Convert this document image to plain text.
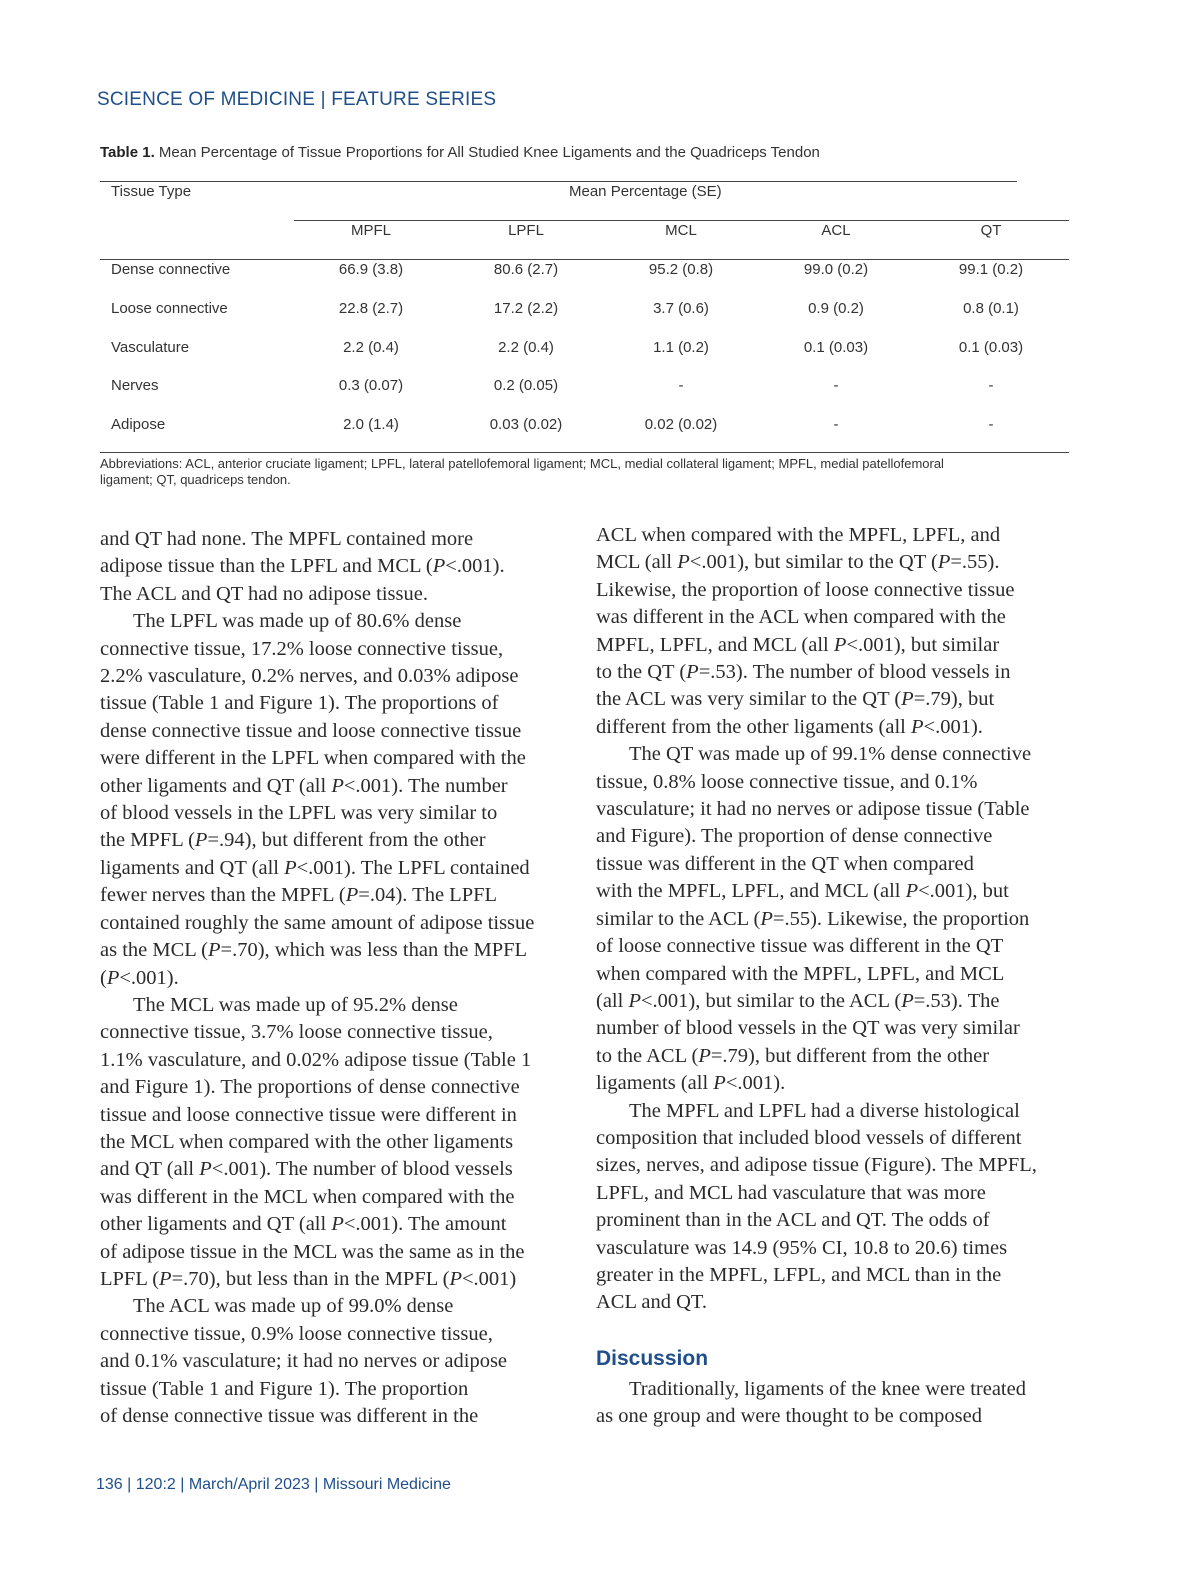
SCIENCE OF MEDICINE | FEATURE SERIES
Table 1. Mean Percentage of Tissue Proportions for All Studied Knee Ligaments and the Quadriceps Tendon
Tissue Type	Mean Percentage (SE)
MPFL	LPFL	MCL	ACL	QT
Dense connective	66.9 (3.8)	80.6 (2.7)	95.2 (0.8)	99.0 (0.2)	99.1 (0.2)
Loose connective	22.8 (2.7)	17.2 (2.2)	3.7 (0.6)	0.9 (0.2)	0.8 (0.1)
Vasculature	2.2 (0.4)	2.2 (0.4)	1.1 (0.2)	0.1 (0.03)	0.1 (0.03)
Nerves	0.3 (0.07)	0.2 (0.05)	-	-	-
Adipose	2.0 (1.4)	0.03 (0.02)	0.02 (0.02)	-	-
Abbreviations: ACL, anterior cruciate ligament; LPFL, lateral patellofemoral ligament; MCL, medial collateral ligament; MPFL, medial patellofemoral ligament; QT, quadriceps tendon.

and QT had none. The MPFL contained more
adipose tissue than the LPFL and MCL (P<.001).
The ACL and QT had no adipose tissue.

The LPFL was made up of 80.6% dense
connective tissue, 17.2% loose connective tissue,
2.2% vasculature, 0.2% nerves, and 0.03% adipose
tissue (Table 1 and Figure 1). The proportions of
dense connective tissue and loose connective tissue
were different in the LPFL when compared with the
other ligaments and QT (all P<.001). The number
of blood vessels in the LPFL was very similar to
the MPFL (P=.94), but different from the other
ligaments and QT (all P<.001). The LPFL contained
fewer nerves than the MPFL (P=.04). The LPFL
contained roughly the same amount of adipose tissue
as the MCL (P=.70), which was less than the MPFL
(P<.001).

The MCL was made up of 95.2% dense
connective tissue, 3.7% loose connective tissue,
1.1% vasculature, and 0.02% adipose tissue (Table 1
and Figure 1). The proportions of dense connective
tissue and loose connective tissue were different in
the MCL when compared with the other ligaments
and QT (all P<.001). The number of blood vessels
was different in the MCL when compared with the
other ligaments and QT (all P<.001). The amount
of adipose tissue in the MCL was the same as in the
LPFL (P=.70), but less than in the MPFL (P<.001)

The ACL was made up of 99.0% dense
connective tissue, 0.9% loose connective tissue,
and 0.1% vasculature; it had no nerves or adipose
tissue (Table 1 and Figure 1). The proportion
of dense connective tissue was different in the

ACL when compared with the MPFL, LPFL, and
MCL (all P<.001), but similar to the QT (P=.55).
Likewise, the proportion of loose connective tissue
was different in the ACL when compared with the
MPFL, LPFL, and MCL (all P<.001), but similar
to the QT (P=.53). The number of blood vessels in
the ACL was very similar to the QT (P=.79), but
different from the other ligaments (all P<.001).

The QT was made up of 99.1% dense connective
tissue, 0.8% loose connective tissue, and 0.1%
vasculature; it had no nerves or adipose tissue (Table
and Figure). The proportion of dense connective
tissue was different in the QT when compared
with the MPFL, LPFL, and MCL (all P<.001), but
similar to the ACL (P=.55). Likewise, the proportion
of loose connective tissue was different in the QT
when compared with the MPFL, LPFL, and MCL
(all P<.001), but similar to the ACL (P=.53). The
number of blood vessels in the QT was very similar
to the ACL (P=.79), but different from the other
ligaments (all P<.001).

The MPFL and LPFL had a diverse histological
composition that included blood vessels of different
sizes, nerves, and adipose tissue (Figure). The MPFL,
LPFL, and MCL had vasculature that was more
prominent than in the ACL and QT. The odds of
vasculature was 14.9 (95% CI, 10.8 to 20.6) times
greater in the MPFL, LFPL, and MCL than in the
ACL and QT.

Discussion

Traditionally, ligaments of the knee were treated
as one group and were thought to be composed

136 | 120:2 | March/April 2023 | Missouri Medicine
